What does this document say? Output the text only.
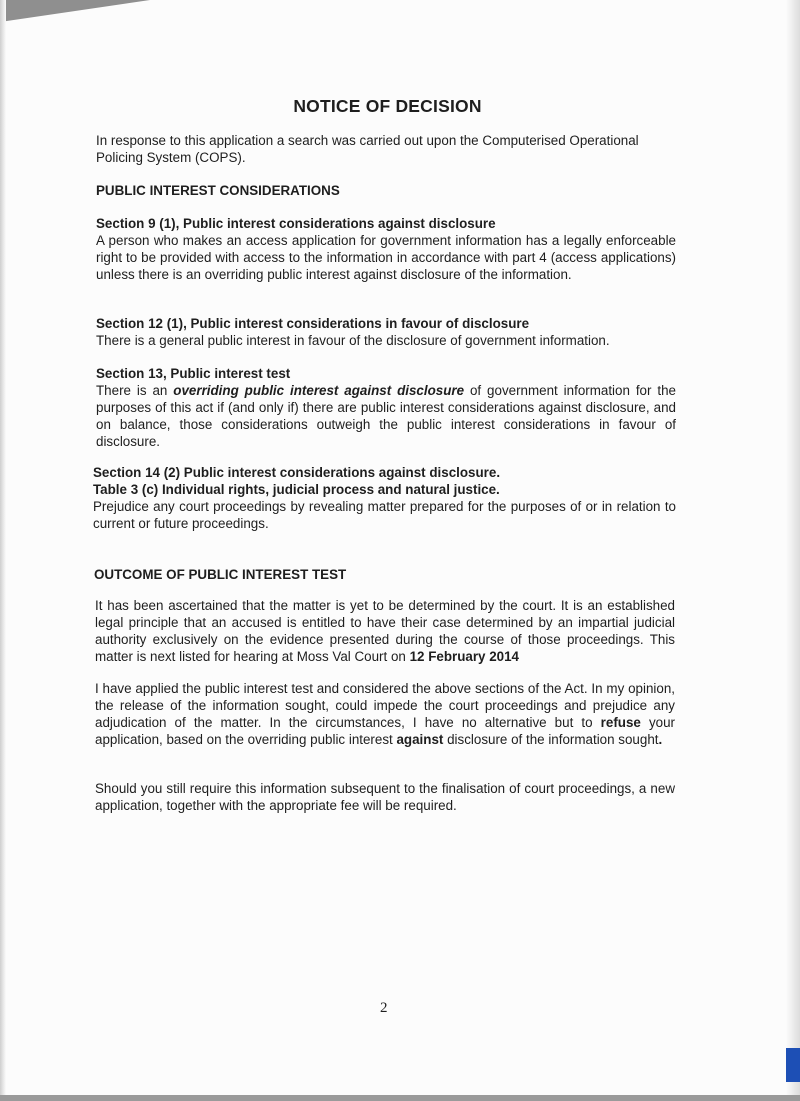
NOTICE OF DECISION

In response to this application a search was carried out upon the Computerised Operational Policing System (COPS).

PUBLIC INTEREST CONSIDERATIONS

Section 9 (1), Public interest considerations against disclosure

A person who makes an access application for government information has a legally enforceable right to be provided with access to the information in accordance with part 4 (access applications) unless there is an overriding public interest against disclosure of the information.

Section 12 (1), Public interest considerations in favour of disclosure

There is a general public interest in favour of the disclosure of government information.

Section 13, Public interest test

There is an overriding public interest against disclosure of government information for the purposes of this act if (and only if) there are public interest considerations against disclosure, and on balance, those considerations outweigh the public interest considerations in favour of disclosure.

Section 14 (2) Public interest considerations against disclosure.

Table 3 (c) Individual rights, judicial process and natural justice.

Prejudice any court proceedings by revealing matter prepared for the purposes of or in relation to current or future proceedings.

OUTCOME OF PUBLIC INTEREST TEST

It has been ascertained that the matter is yet to be determined by the court. It is an established legal principle that an accused is entitled to have their case determined by an impartial judicial authority exclusively on the evidence presented during the course of those proceedings. This matter is next listed for hearing at Moss Val Court on 12 February 2014

I have applied the public interest test and considered the above sections of the Act. In my opinion, the release of the information sought, could impede the court proceedings and prejudice any adjudication of the matter. In the circumstances, I have no alternative but to refuse your application, based on the overriding public interest against disclosure of the information sought.

Should you still require this information subsequent to the finalisation of court proceedings, a new application, together with the appropriate fee will be required.

2
